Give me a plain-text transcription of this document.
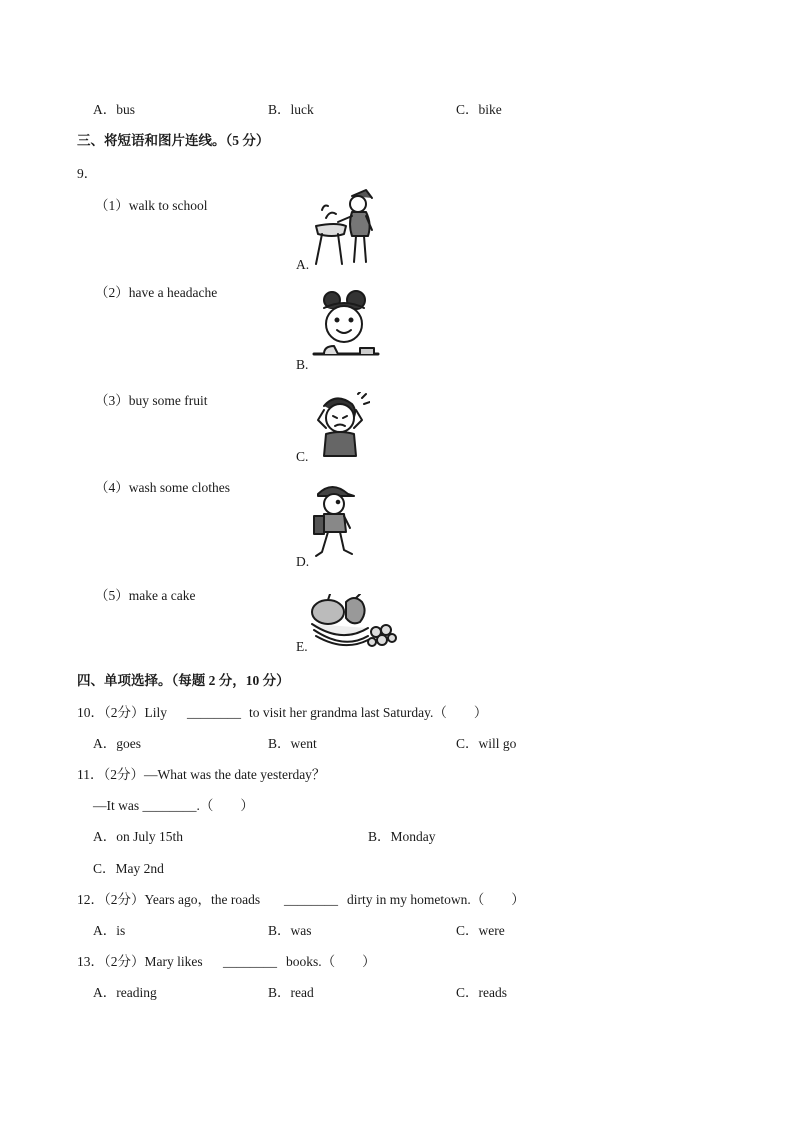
A．bus	B．luck	C．bike
三、将短语和图片连线。（5 分）
9．
（1）walk to school
（2）have a headache
（3）buy some fruit
（4）wash some clothes
（5）make a cake
A.
B.
C.
D.
E.
四、单项选择。（每题 2 分，10 分）
10．（2分）Lily ________ to visit her grandma last Saturday.（　　）
A．goes	B．went	C．will go
11．（2分）—What was the date yesterday？
—It was ________.（　　）
A．on July 15th	B．Monday
C．May 2nd
12．（2分）Years ago，the roads ________ dirty in my hometown.（　　）
A．is	B．was	C．were
13．（2分）Mary likes ________ books.（　　）
A．reading	B．read	C．reads
